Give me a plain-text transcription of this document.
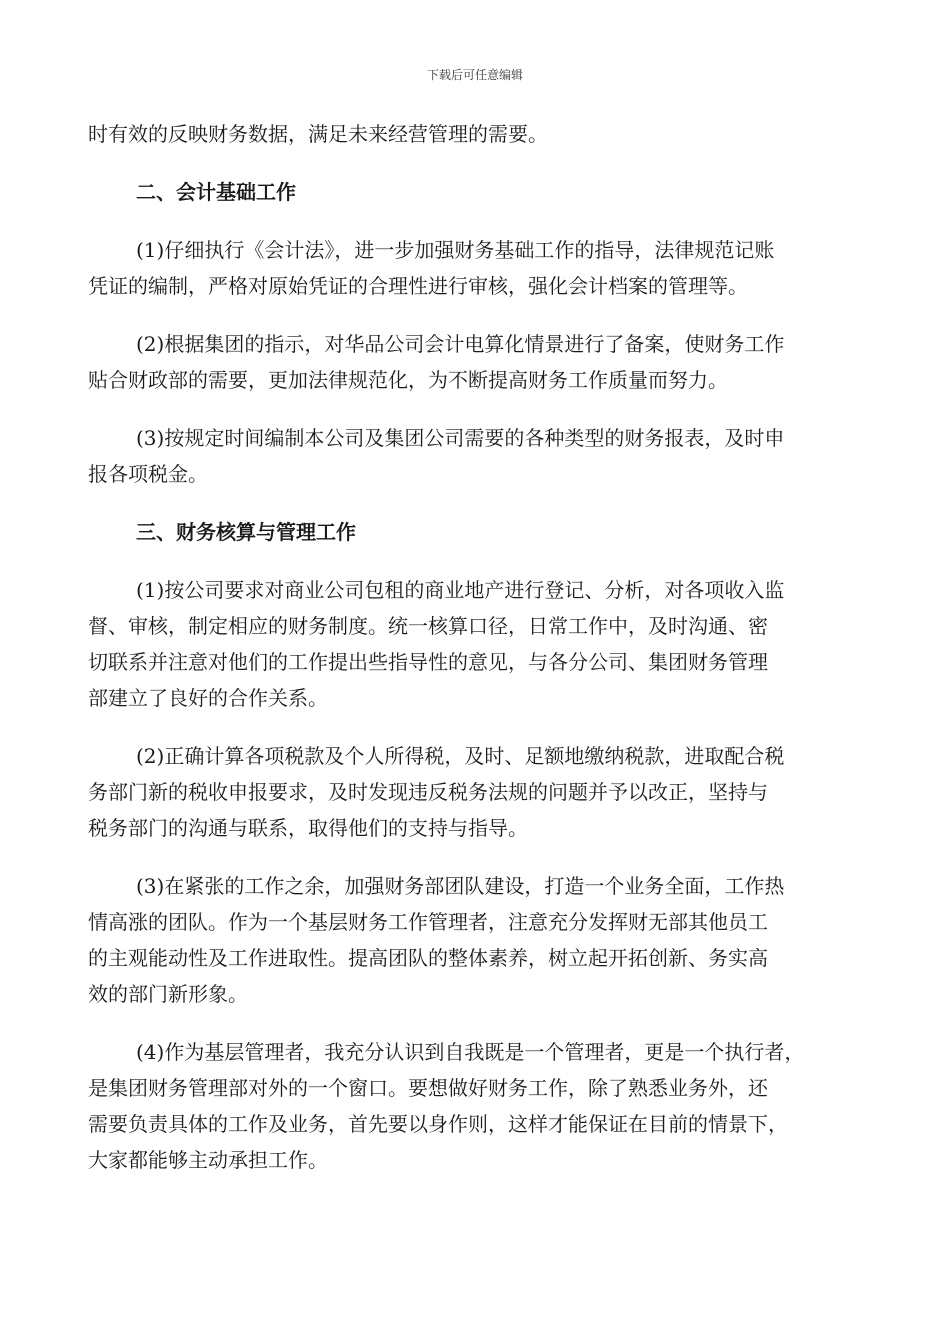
下载后可任意编辑

时有效的反映财务数据，满足未来经营管理的需要。

二、会计基础工作

(1)仔细执行《会计法》，进一步加强财务基础工作的指导，法律规范记账
凭证的编制，严格对原始凭证的合理性进行审核，强化会计档案的管理等。

(2)根据集团的指示，对华品公司会计电算化情景进行了备案，使财务工作
贴合财政部的需要，更加法律规范化，为不断提高财务工作质量而努力。

(3)按规定时间编制本公司及集团公司需要的各种类型的财务报表，及时申
报各项税金。

三、财务核算与管理工作

(1)按公司要求对商业公司包租的商业地产进行登记、分析，对各项收入监
督、审核，制定相应的财务制度。统一核算口径，日常工作中，及时沟通、密
切联系并注意对他们的工作提出些指导性的意见，与各分公司、集团财务管理
部建立了良好的合作关系。

(2)正确计算各项税款及个人所得税，及时、足额地缴纳税款，进取配合税
务部门新的税收申报要求，及时发现违反税务法规的问题并予以改正，坚持与
税务部门的沟通与联系，取得他们的支持与指导。

(3)在紧张的工作之余，加强财务部团队建设，打造一个业务全面，工作热
情高涨的团队。作为一个基层财务工作管理者，注意充分发挥财无部其他员工
的主观能动性及工作进取性。提高团队的整体素养，树立起开拓创新、务实高
效的部门新形象。

(4)作为基层管理者，我充分认识到自我既是一个管理者，更是一个执行者，
是集团财务管理部对外的一个窗口。要想做好财务工作，除了熟悉业务外，还
需要负责具体的工作及业务，首先要以身作则，这样才能保证在目前的情景下，
大家都能够主动承担工作。
